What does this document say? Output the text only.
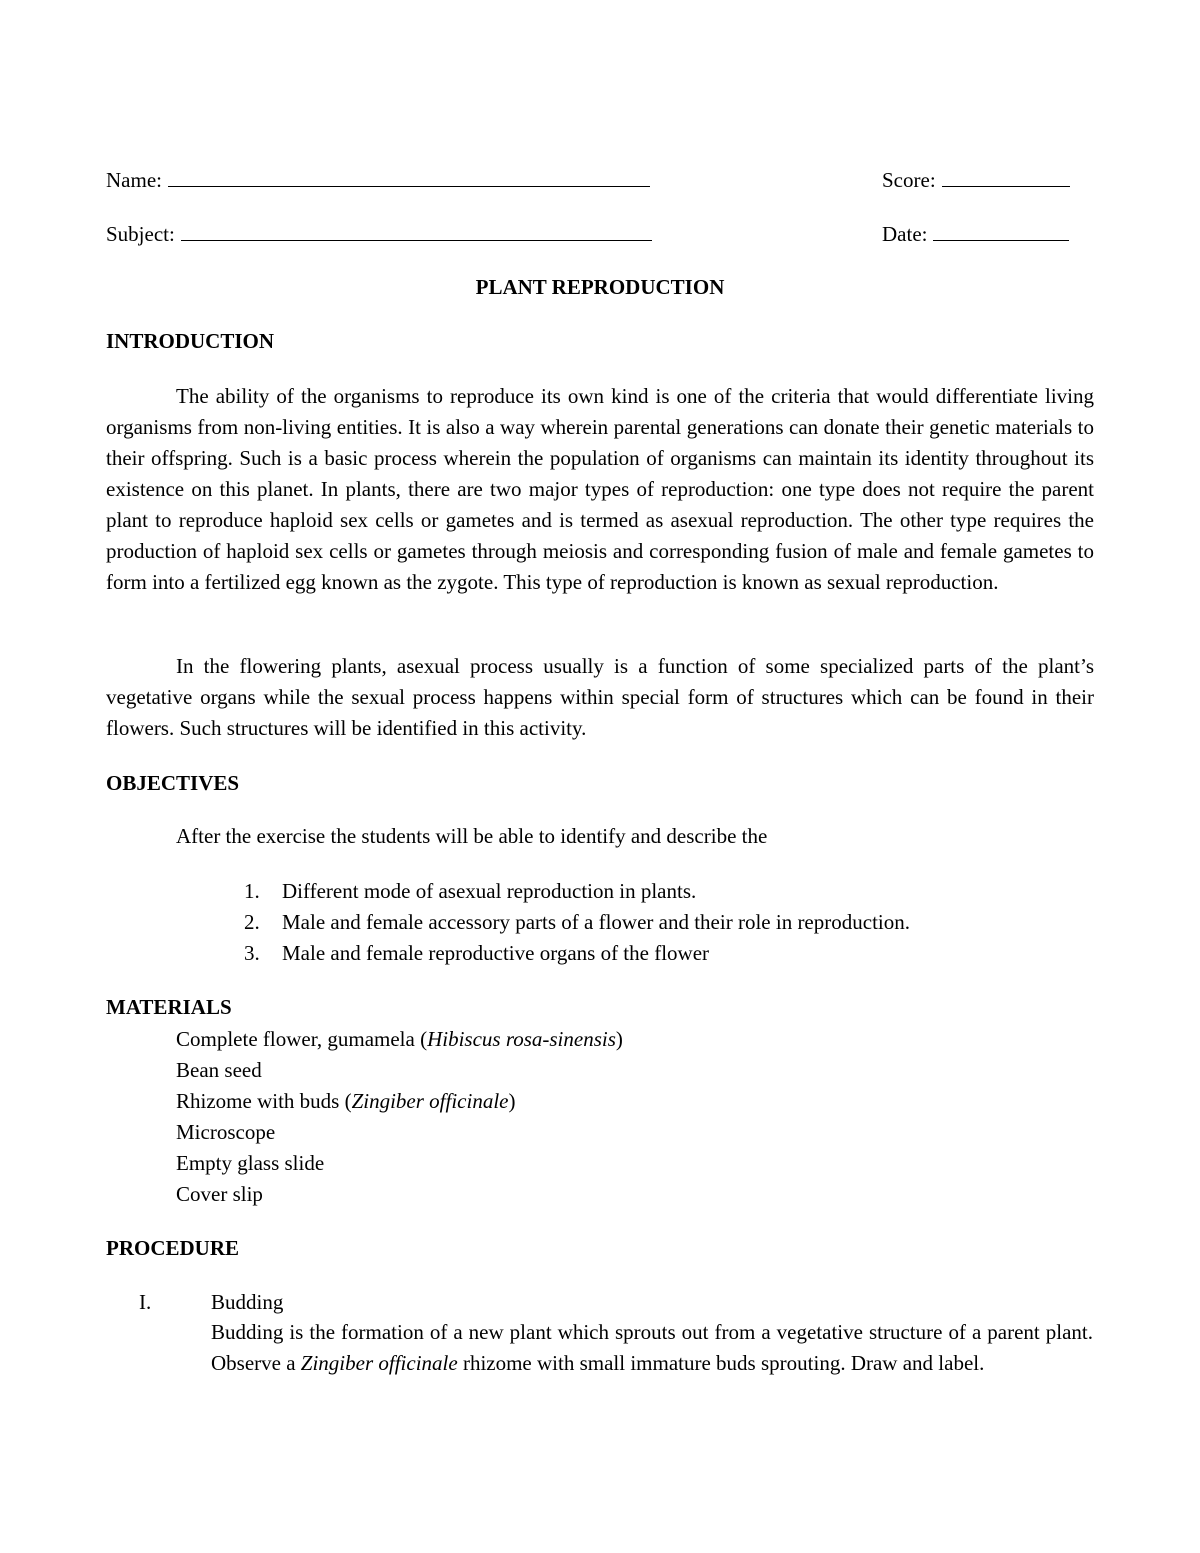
Name:	Score:
Subject:	Date:
PLANT REPRODUCTION
INTRODUCTION

The ability of the organisms to reproduce its own kind is one of the criteria that would differentiate living organisms from non-living entities. It is also a way wherein parental generations can donate their genetic materials to their offspring. Such is a basic process wherein the population of organisms can maintain its identity throughout its existence on this planet. In plants, there are two major types of reproduction: one type does not require the parent plant to reproduce haploid sex cells or gametes and is termed as asexual reproduction. The other type requires the production of haploid sex cells or gametes through meiosis and corresponding fusion of male and female gametes to form into a fertilized egg known as the zygote. This type of reproduction is known as sexual reproduction.

In the flowering plants, asexual process usually is a function of some specialized parts of the plant’s vegetative organs while the sexual process happens within special form of structures which can be found in their flowers. Such structures will be identified in this activity.

OBJECTIVES
After the exercise the students will be able to identify and describe the
1. Different mode of asexual reproduction in plants.
2. Male and female accessory parts of a flower and their role in reproduction.
3. Male and female reproductive organs of the flower
MATERIALS
Complete flower, gumamela (Hibiscus rosa-sinensis)
Bean seed
Rhizome with buds (Zingiber officinale)
Microscope
Empty glass slide
Cover slip
PROCEDURE
I.	Budding

Budding is the formation of a new plant which sprouts out from a vegetative structure of a parent plant. Observe a Zingiber officinale rhizome with small immature buds sprouting. Draw and label.
